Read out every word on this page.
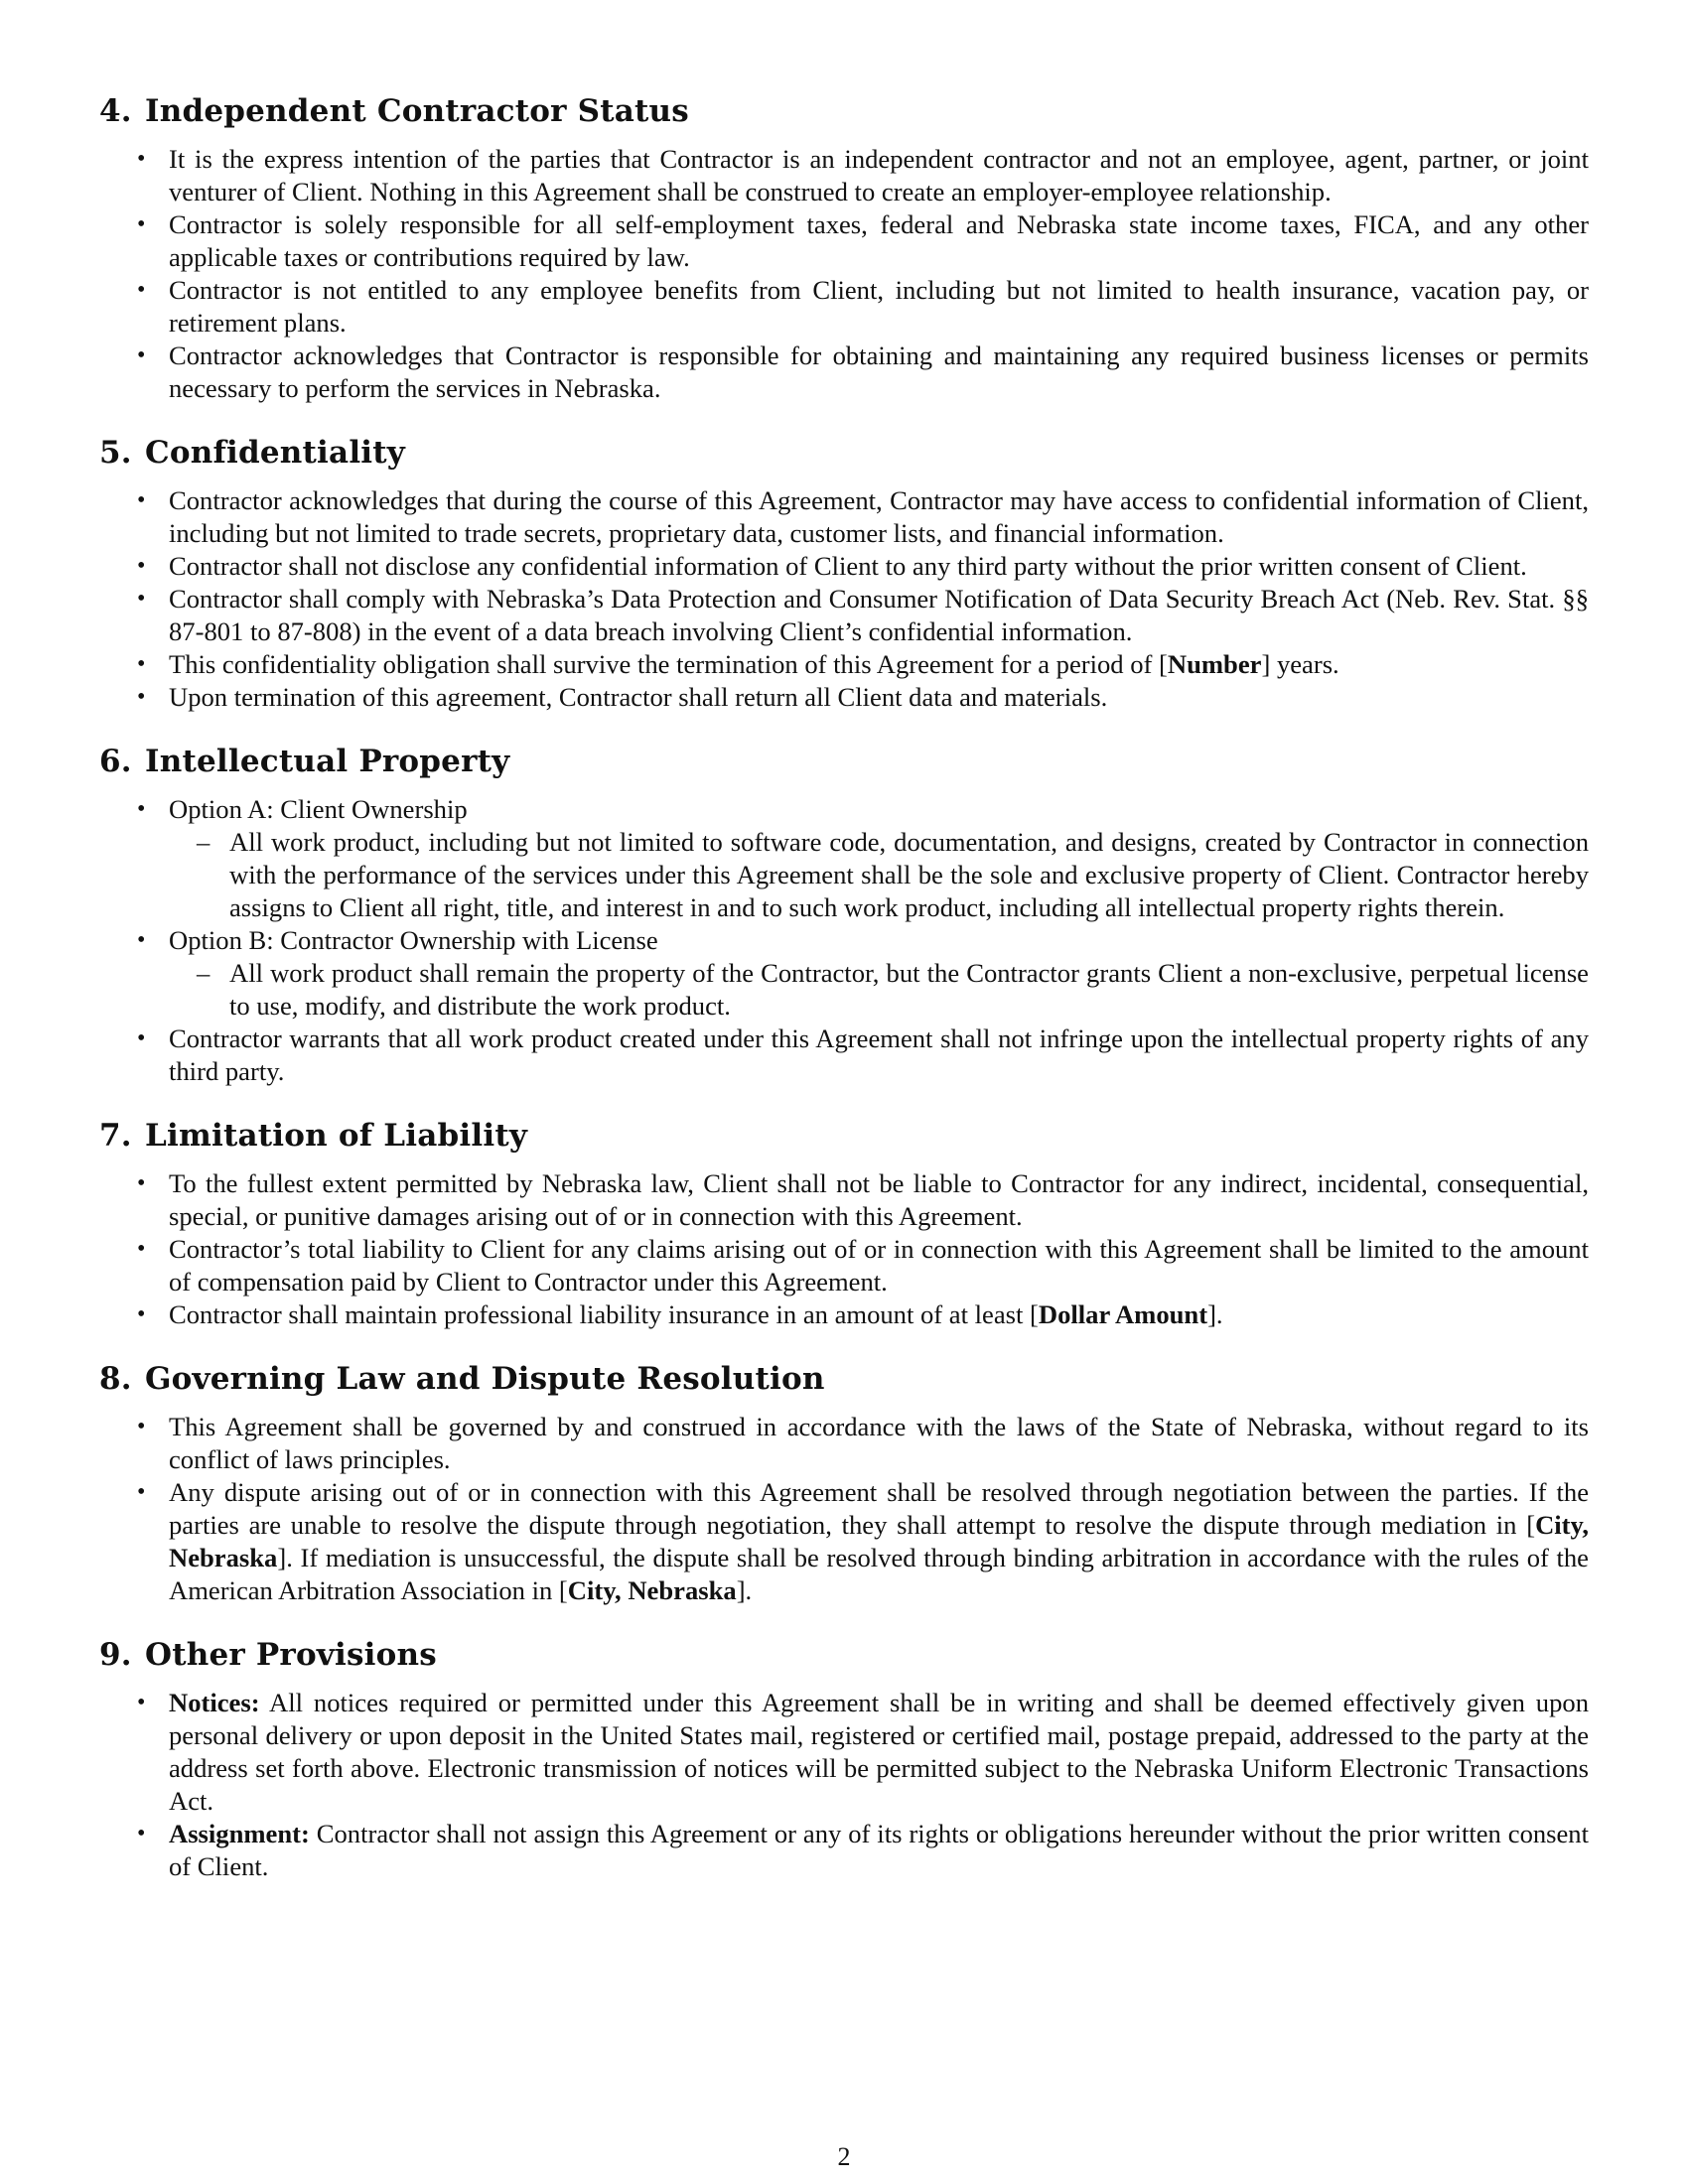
4. Independent Contractor Status
• It is the express intention of the parties that Contractor is an independent contractor and not an employee, agent, partner, or joint venturer of Client. Nothing in this Agreement shall be construed to create an employer-employee relationship.
• Contractor is solely responsible for all self-employment taxes, federal and Nebraska state income taxes, FICA, and any other applicable taxes or contributions required by law.
• Contractor is not entitled to any employee benefits from Client, including but not limited to health insurance, vacation pay, or retirement plans.
• Contractor acknowledges that Contractor is responsible for obtaining and maintaining any required business licenses or permits necessary to perform the services in Nebraska.
5. Confidentiality
• Contractor acknowledges that during the course of this Agreement, Contractor may have access to confidential information of Client, including but not limited to trade secrets, proprietary data, customer lists, and financial information.
• Contractor shall not disclose any confidential information of Client to any third party without the prior written consent of Client.
• Contractor shall comply with Nebraska’s Data Protection and Consumer Notification of Data Security Breach Act (Neb. Rev. Stat. §§ 87-801 to 87-808) in the event of a data breach involving Client’s confidential information.
• This confidentiality obligation shall survive the termination of this Agreement for a period of [Number] years.
• Upon termination of this agreement, Contractor shall return all Client data and materials.
6. Intellectual Property
• Option A: Client Ownership
– All work product, including but not limited to software code, documentation, and designs, created by Contractor in connection with the performance of the services under this Agreement shall be the sole and exclusive property of Client. Contractor hereby assigns to Client all right, title, and interest in and to such work product, including all intellectual property rights therein.
• Option B: Contractor Ownership with License
– All work product shall remain the property of the Contractor, but the Contractor grants Client a non-exclusive, perpetual license to use, modify, and distribute the work product.
• Contractor warrants that all work product created under this Agreement shall not infringe upon the intellectual property rights of any third party.
7. Limitation of Liability
• To the fullest extent permitted by Nebraska law, Client shall not be liable to Contractor for any indirect, incidental, consequential, special, or punitive damages arising out of or in connection with this Agreement.
• Contractor’s total liability to Client for any claims arising out of or in connection with this Agreement shall be limited to the amount of compensation paid by Client to Contractor under this Agreement.
• Contractor shall maintain professional liability insurance in an amount of at least [Dollar Amount].
8. Governing Law and Dispute Resolution
• This Agreement shall be governed by and construed in accordance with the laws of the State of Nebraska, without regard to its conflict of laws principles.
• Any dispute arising out of or in connection with this Agreement shall be resolved through negotiation between the parties. If the parties are unable to resolve the dispute through negotiation, they shall attempt to resolve the dispute through mediation in [City, Nebraska]. If mediation is unsuccessful, the dispute shall be resolved through binding arbitration in accordance with the rules of the American Arbitration Association in [City, Nebraska].
9. Other Provisions
• Notices: All notices required or permitted under this Agreement shall be in writing and shall be deemed effectively given upon personal delivery or upon deposit in the United States mail, registered or certified mail, postage prepaid, addressed to the party at the address set forth above. Electronic transmission of notices will be permitted subject to the Nebraska Uniform Electronic Transactions Act.
• Assignment: Contractor shall not assign this Agreement or any of its rights or obligations hereunder without the prior written consent of Client.
2
